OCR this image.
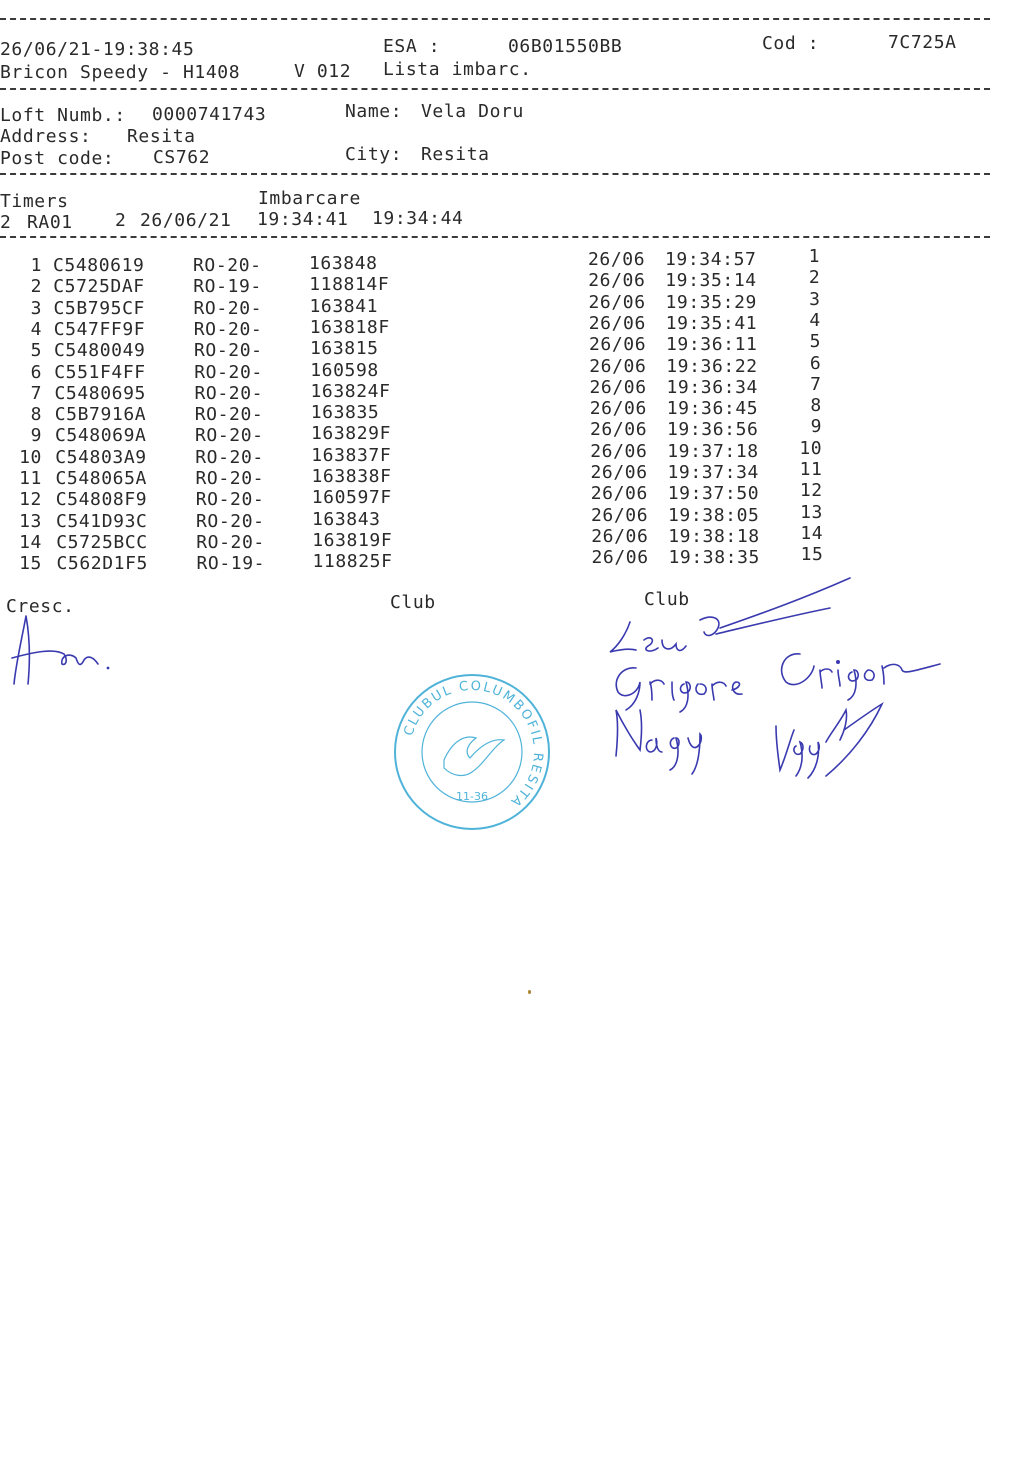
26/06/21-19:38:45	ESA :	06B01550BB	Cod :	7C725A
Bricon Speedy - H1408	V 012 Lista imbarc.
Loft Numb.: 0000741743	Name: Vela Doru
Address: Resita
Post code: CS762	City: Resita
Timers	Imbarcare
2 RA01 2 26/06/21 19:34:41 19:34:44
1 C5480619	RO-20-	163848	26/06 19:34:57	1
2 C5725DAF	RO-19-	118814F	26/06 19:35:14	2
3 C5B795CF	RO-20-	163841	26/06 19:35:29	3
4 C547FF9F	RO-20-	163818F	26/06 19:35:41	4
5 C5480049	RO-20-	163815	26/06 19:36:11	5
6 C551F4FF	RO-20-	160598	26/06 19:36:22	6
7 C5480695	RO-20-	163824F	26/06 19:36:34	7
8 C5B7916A	RO-20-	163835	26/06 19:36:45	8
9 C548069A	RO-20-	163829F	26/06 19:36:56	9
10 C54803A9	RO-20-	163837F	26/06 19:37:18 10
11 C548065A	RO-20-	163838F	26/06 19:37:34 11
12 C54808F9	RO-20-	160597F	26/06 19:37:50 12
13 C541D93C	RO-20-	163843	26/06 19:38:05 13
14 C5725BCC	RO-20-	163819F	26/06 19:38:18 14
15 C562D1F5	RO-19-	118825F	26/06 19:38:35 15
Cresc.	Club	Club
CLUBUL COLUMBOFIL RESITA
11-36
